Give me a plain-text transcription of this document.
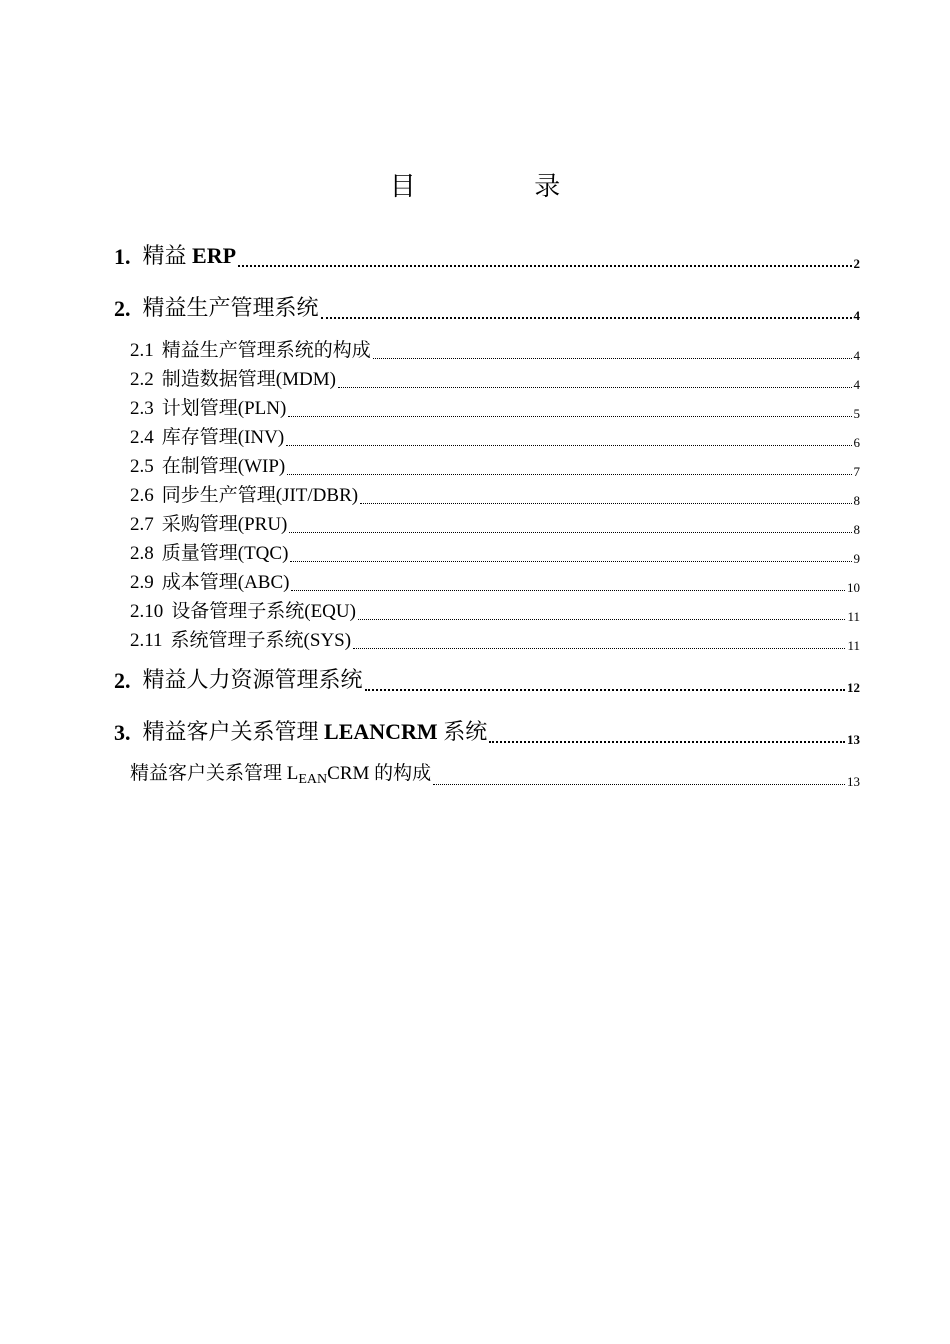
目 录
1. 精益 ERP	2
2. 精益生产管理系统	4
2.1 精益生产管理系统的构成	4
2.2 制造数据管理(MDM)	4
2.3 计划管理(PLN)	5
2.4 库存管理(INV)	6
2.5 在制管理(WIP)	7
2.6 同步生产管理(JIT/DBR)	8
2.7 采购管理(PRU)	8
2.8 质量管理(TQC)	9
2.9 成本管理(ABC)	10
2.10 设备管理子系统(EQU)	11
2.11 系统管理子系统(SYS)	11
2. 精益人力资源管理系统	12
3. 精益客户关系管理 LEANCRM 系统	13
精益客户关系管理 $L_{EAN}CRM$ 的构成	13
